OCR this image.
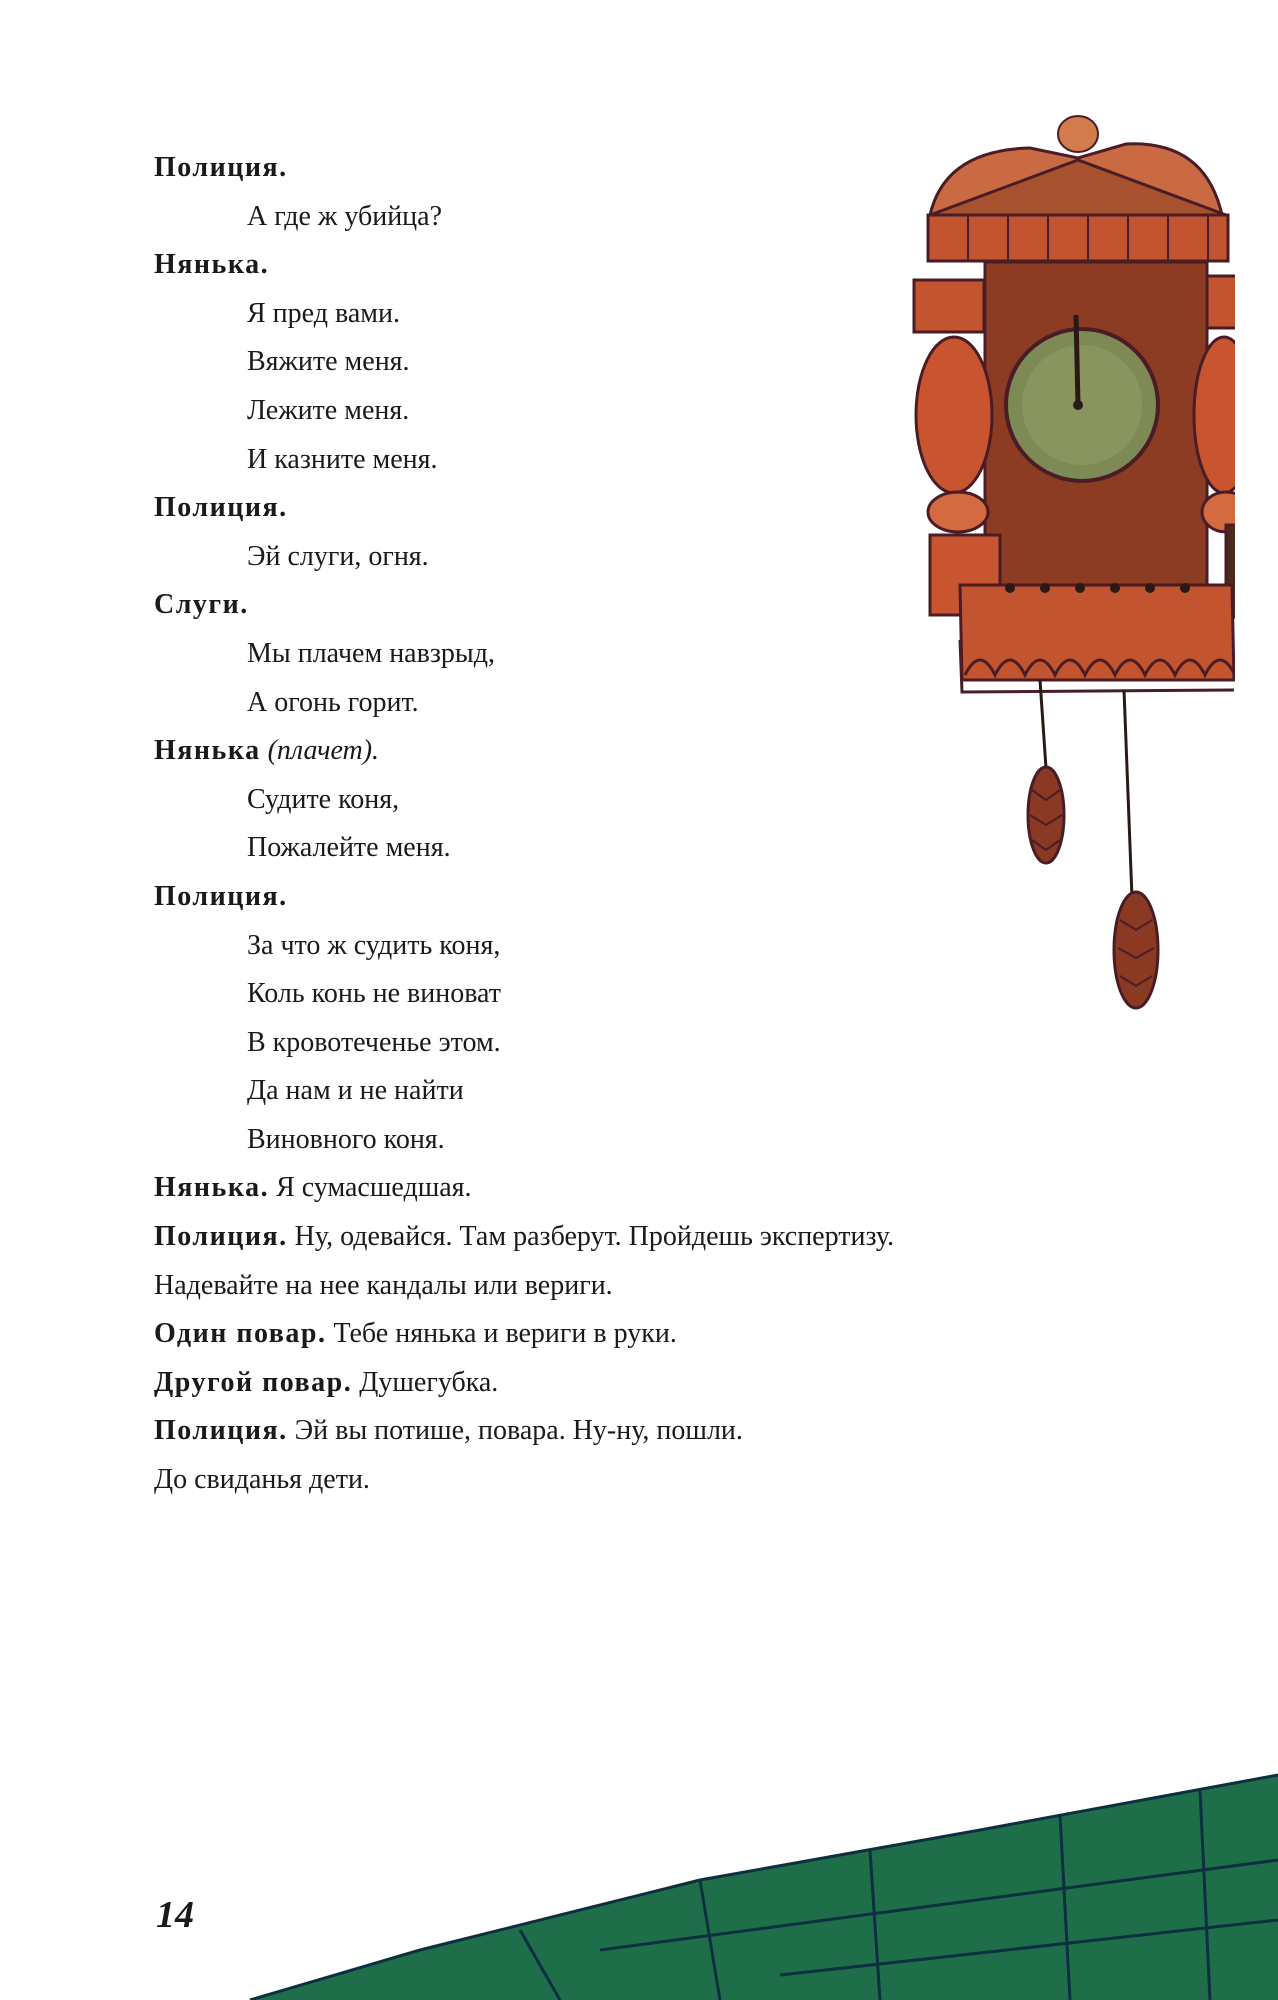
Полиция.
А где ж убийца?
Нянька.
Я пред вами.
Вяжите меня.
Лежите меня.
И казните меня.
Полиция.
Эй слуги, огня.
Слуги.
Мы плачем навзрыд,
А огонь горит.
Нянька (плачет).
Судите коня,
Пожалейте меня.
Полиция.
За что ж судить коня,
Коль конь не виноват
В кровотеченье этом.
Да нам и не найти
Виновного коня.
Нянька. Я сумасшедшая.
Полиция. Ну, одевайся. Там разберут. Пройдешь экспертизу.
Надевайте на нее кандалы или вериги.
Один повар. Тебе нянька и вериги в руки.
Другой повар. Душегубка.
Полиция. Эй вы потише, повара. Ну-ну, пошли.
До свиданья дети.
14
